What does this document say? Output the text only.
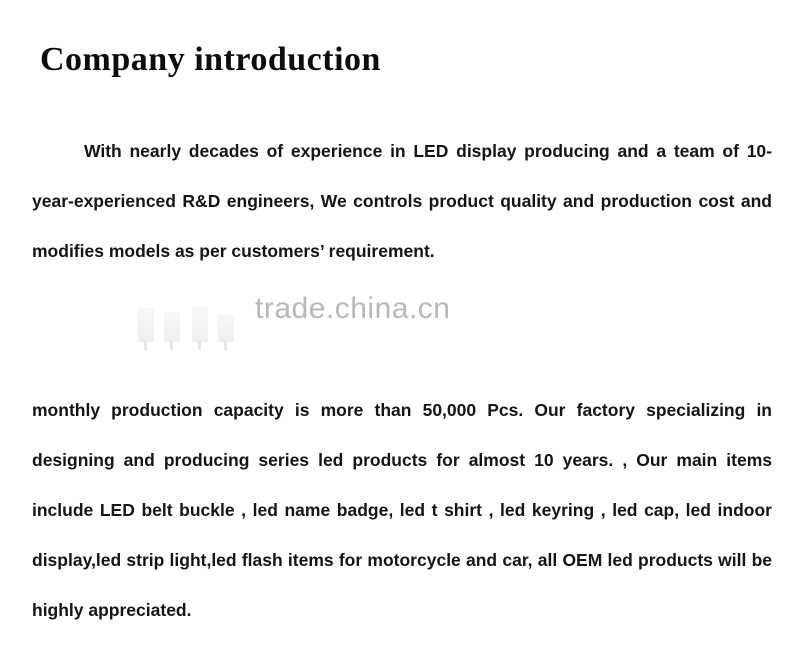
Company introduction

With nearly decades of experience in LED display producing and a team of 10-year-experienced R&D engineers, We controls product quality and production cost and modifies models as per customers’ requirement.

monthly production capacity is more than 50,000 Pcs. Our factory specializing in designing and producing series led products for almost 10 years. , Our main items include LED belt buckle , led name badge, led t shirt , led keyring , led cap, led indoor display,led strip light,led flash items for motorcycle and car, all OEM led products will be highly appreciated.

trade.china.cn
